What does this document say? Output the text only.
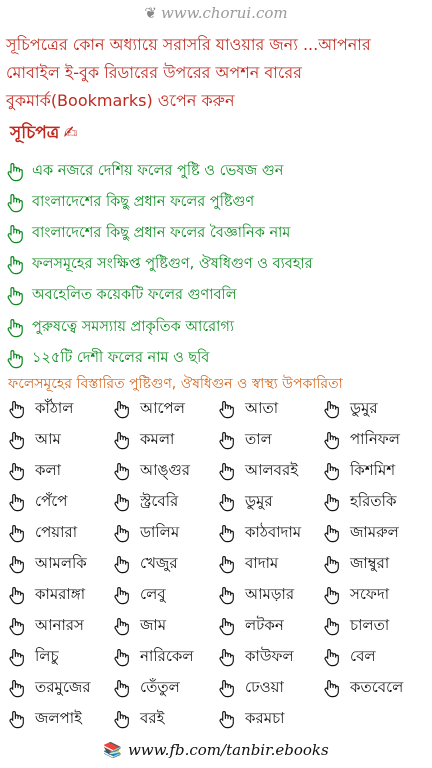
❦ www.chorui.com
সূচিপত্রের কোন অধ্যায়ে সরাসরি যাওয়ার জন্য ...আপনার
মোবাইল ই-বুক রিডারের উপরের অপশন বারের
বুকমার্ক(Bookmarks) ওপেন করুন
সূচিপত্র ✍
এক নজরে দেশিয় ফলের পুষ্টি ও ভেষজ গুন
বাংলাদেশের কিছু প্রধান ফলের পুষ্টিগুণ
বাংলাদেশের কিছু প্রধান ফলের বৈজ্ঞানিক নাম
ফলসমূহের সংক্ষিপ্ত পুষ্টিগুণ, ঔষধিগুণ ও ব্যবহার
অবহেলিত কয়েকটি ফলের গুণাবলি
পুরুষত্বে সমস্যায় প্রাকৃতিক আরোগ্য
১২৫টি দেশী ফলের নাম ও ছবি
ফলেসমূহের বিস্তারিত পুষ্টিগুণ, ঔষধিগুন ও স্বাস্থ্য উপকারিতা
কাঁঠাল	আপেল	আতা	ডুমুর
আম	কমলা	তাল	পানিফল
কলা	আঙ্গুর	আলবরই	কিশমিশ
পেঁপে	স্ট্রবেরি	ডুমুর	হরিতকি
পেয়ারা	ডালিম	কাঠবাদাম	জামরুল
আমলকি	খেজুর	বাদাম	জাম্বুরা
কামরাঙ্গা	লেবু	আমড়ার	সফেদা
আনারস	জাম	লটকন	চালতা
লিচু	নারিকেল	কাউফল	বেল
তরমুজের	তেঁতুল	ঢেওয়া	কতবেলে
জলপাই	বরই	করমচা
📚 www.fb.com/tanbir.ebooks
